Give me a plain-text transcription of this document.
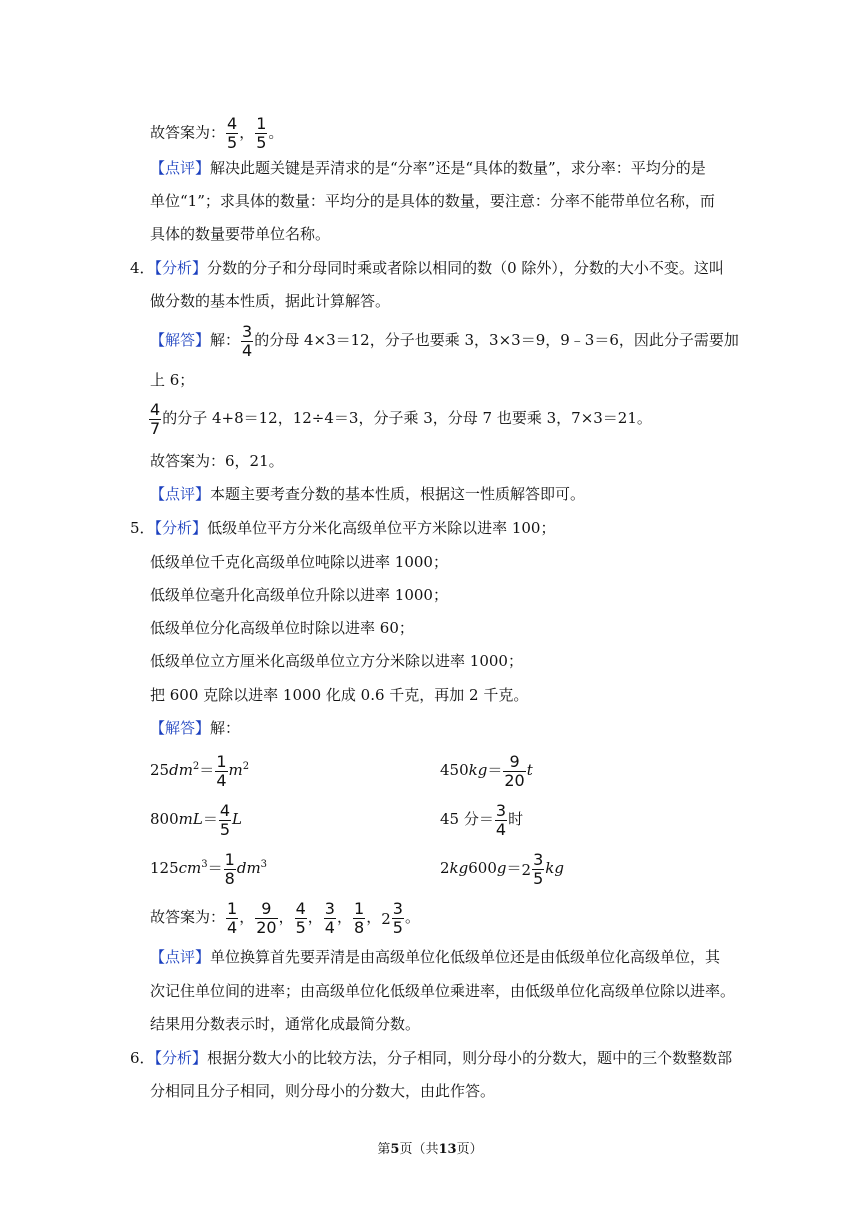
故答案为： $\frac{4}{5}$ ， $\frac{1}{5}$ 。
【点评】解决此题关键是弄清求的是“分率”还是“具体的数量”，求分率：平均分的是
单位“1”；求具体的数量：平均分的是具体的数量，要注意：分率不能带单位名称，而
具体的数量要带单位名称。
4．【分析】分数的分子和分母同时乘或者除以相同的数（0 除外），分数的大小不变。这叫
做分数的基本性质，据此计算解答。
【解答】解： $\frac{3}{4}$ 的分母 4×3＝12，分子也要乘 3，3×3＝9，9﹣3＝6，因此分子需要加
上 6；
$\frac{4}{7}$ 的分子 4+8＝12，12÷4＝3，分子乘 3，分母 7 也要乘 3，7×3＝21。
故答案为：6，21。
【点评】本题主要考查分数的基本性质，根据这一性质解答即可。
5．【分析】低级单位平方分米化高级单位平方米除以进率 100；
低级单位千克化高级单位吨除以进率 1000；
低级单位毫升化高级单位升除以进率 1000；
低级单位分化高级单位时除以进率 60；
低级单位立方厘米化高级单位立方分米除以进率 1000；
把 600 克除以进率 1000 化成 0.6 千克，再加 2 千克。
【解答】解：
$25dm^2= \frac{1}{4} m^2$	$450kg= \frac{9}{20}$ t
$800mL= \frac{4}{5}$ L	45 分＝ $\frac{3}{4}$ 时
$125cm^3= \frac{1}{8} dm^3$	$2kg600g=2 \frac{3}{5}$ kg
故答案为： $\frac{1}{4}$ ， $\frac{9}{20}$ ， $\frac{4}{5}$ ， $\frac{3}{4}$ ， $\frac{1}{8}$ ，$2 \frac{3}{5}$ 。
【点评】单位换算首先要弄清是由高级单位化低级单位还是由低级单位化高级单位，其
次记住单位间的进率；由高级单位化低级单位乘进率，由低级单位化高级单位除以进率。
结果用分数表示时，通常化成最简分数。
6．【分析】根据分数大小的比较方法，分子相同，则分母小的分数大，题中的三个数整数部
分相同且分子相同，则分母小的分数大，由此作答。
第5页（共13页）
